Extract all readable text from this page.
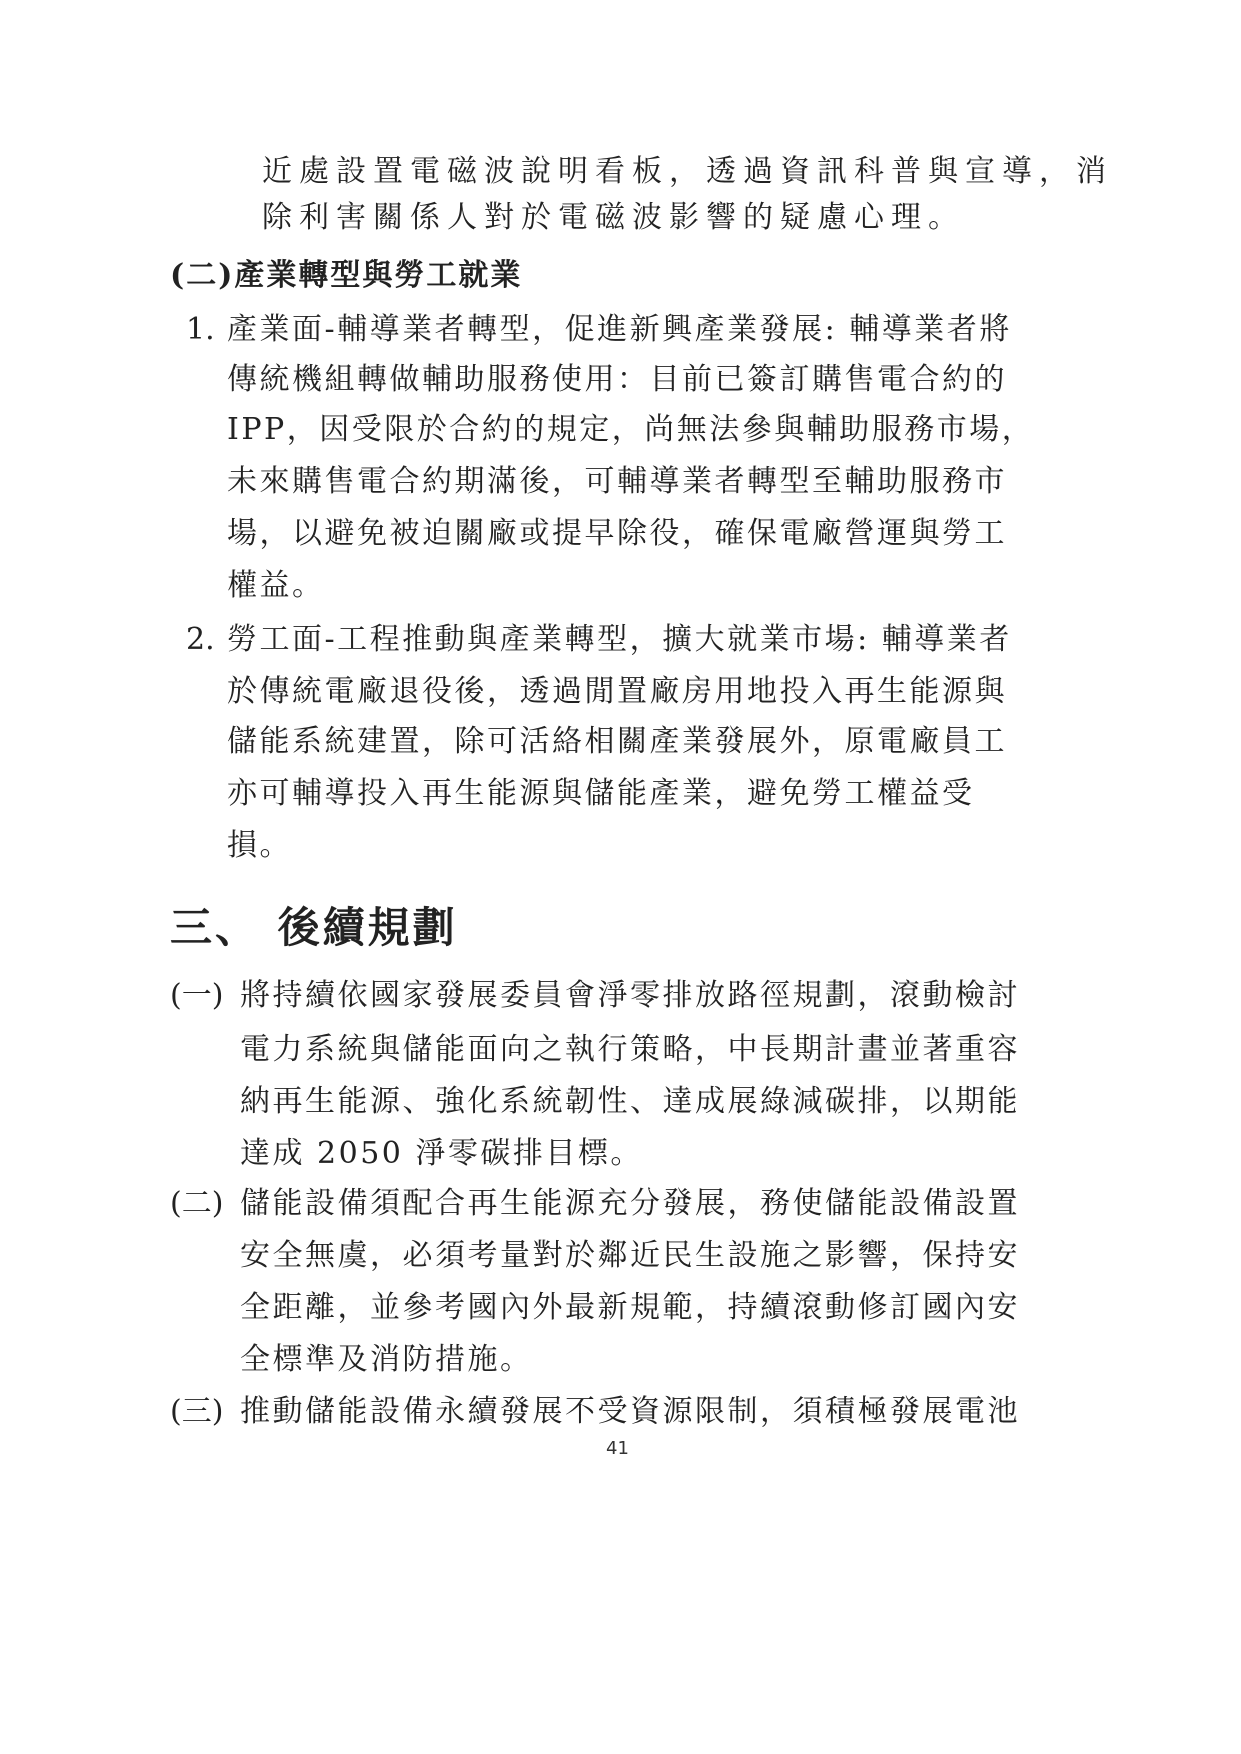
近處設置電磁波說明看板，透過資訊科普與宣導，消
除利害關係人對於電磁波影響的疑慮心理。
(二)產業轉型與勞工就業
1. 產業面-輔導業者轉型，促進新興產業發展: 輔導業者將
傳統機組轉做輔助服務使用：目前已簽訂購售電合約的
IPP，因受限於合約的規定，尚無法參與輔助服務市場，
未來購售電合約期滿後，可輔導業者轉型至輔助服務市
場，以避免被迫關廠或提早除役，確保電廠營運與勞工
權益。
2. 勞工面-工程推動與產業轉型，擴大就業市場: 輔導業者
於傳統電廠退役後，透過閒置廠房用地投入再生能源與
儲能系統建置，除可活絡相關產業發展外，原電廠員工
亦可輔導投入再生能源與儲能產業，避免勞工權益受
損。
三、 後續規劃
(一) 將持續依國家發展委員會淨零排放路徑規劃，滾動檢討
電力系統與儲能面向之執行策略，中長期計畫並著重容
納再生能源、強化系統韌性、達成展綠減碳排，以期能
達成 2050 淨零碳排目標。
(二) 儲能設備須配合再生能源充分發展，務使儲能設備設置
安全無虞，必須考量對於鄰近民生設施之影響，保持安
全距離，並參考國內外最新規範，持續滾動修訂國內安
全標準及消防措施。
(三) 推動儲能設備永續發展不受資源限制，須積極發展電池
41
